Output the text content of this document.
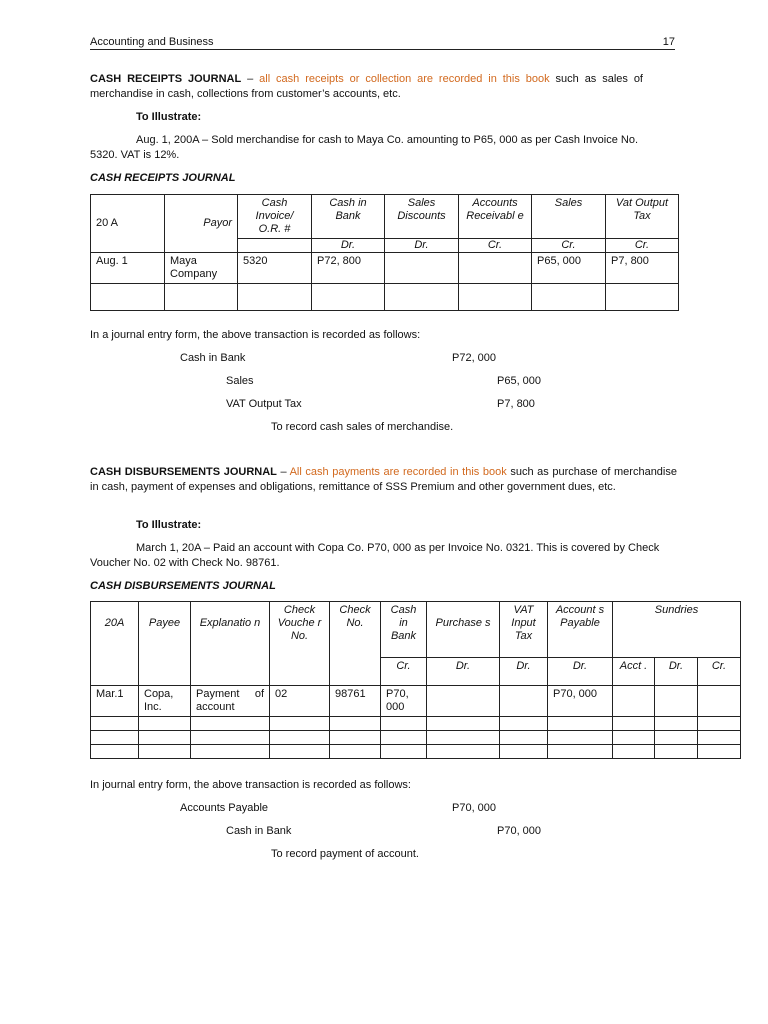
Accounting and Business	17
CASH RECEIPTS JOURNAL – all cash receipts or collection are recorded in this book such as sales of merchandise in cash, collections from customer’s accounts, etc.
To Illustrate:
Aug. 1, 200A – Sold merchandise for cash to Maya Co. amounting to P65, 000 as per Cash Invoice No. 5320. VAT is 12%.
CASH RECEIPTS JOURNAL
20 A	Payor	Cash Invoice/ O.R. #	Cash in Bank	Sales Discounts	Accounts Receivabl e	Sales	Vat Output Tax
			Dr.	Dr.	Cr.	Cr.	Cr.
Aug. 1	Maya Company	5320	P72, 800			P65, 000	P7, 800

In a journal entry form, the above transaction is recorded as follows:
Cash in Bank	P72, 000
Sales	P65, 000
VAT Output Tax	P7, 800
To record cash sales of merchandise.
CASH DISBURSEMENTS JOURNAL – All cash payments are recorded in this book such as purchase of merchandise in cash, payment of expenses and obligations, remittance of SSS Premium and other government dues, etc.
To Illustrate:
March 1, 20A – Paid an account with Copa Co. P70, 000 as per Invoice No. 0321. This is covered by Check Voucher No. 02 with Check No. 98761.
CASH DISBURSEMENTS JOURNAL
20A	Payee	Explanatio n	Check Vouche r No.	Check No.	Cash in Bank	Purchase s	VAT Input Tax	Account s Payable	Sundries		
					Cr.	Dr.	Dr.	Dr.	Acct .	Dr.	Cr.
Mar.1	Copa, Inc.	Payment of account	02	98761	P70, 000			P70, 000			

In journal entry form, the above transaction is recorded as follows:
Accounts Payable	P70, 000
Cash in Bank	P70, 000
To record payment of account.
